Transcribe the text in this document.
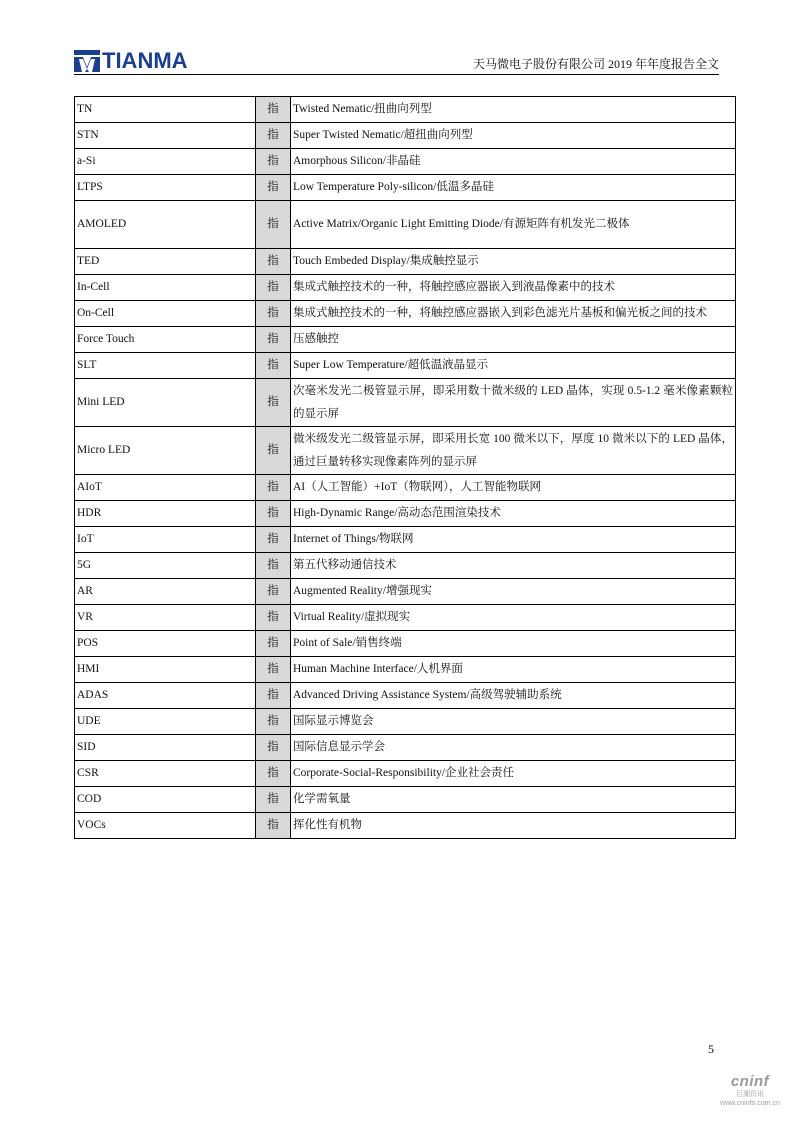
TIANMA	天马微电子股份有限公司 2019 年年度报告全文
TN	指	Twisted Nematic/扭曲向列型
STN	指	Super Twisted Nematic/超扭曲向列型
a-Si	指	Amorphous Silicon/非晶硅
LTPS	指	Low Temperature Poly-silicon/低温多晶硅
AMOLED	指	Active Matrix/Organic Light Emitting Diode/有源矩阵有机发光二极体
TED	指	Touch Embeded Display/集成触控显示
In-Cell	指	集成式触控技术的一种，将触控感应器嵌入到液晶像素中的技术
On-Cell	指	集成式触控技术的一种，将触控感应器嵌入到彩色滤光片基板和偏光板之间的技术
Force Touch	指	压感触控
SLT	指	Super Low Temperature/超低温液晶显示
Mini LED	指	次毫米发光二极管显示屏，即采用数十微米级的 LED 晶体，实现 0.5-1.2 毫米像素颗粒的显示屏
Micro LED	指	微米级发光二级管显示屏，即采用长宽 100 微米以下，厚度 10 微米以下的 LED 晶体，通过巨量转移实现像素阵列的显示屏
AIoT	指	AI（人工智能）+IoT（物联网），人工智能物联网
HDR	指	High-Dynamic Range/高动态范围渲染技术
IoT	指	Internet of Things/物联网
5G	指	第五代移动通信技术
AR	指	Augmented Reality/增强现实
VR	指	Virtual Reality/虚拟现实
POS	指	Point of Sale/销售终端
HMI	指	Human Machine Interface/人机界面
ADAS	指	Advanced Driving Assistance System/高级驾驶辅助系统
UDE	指	国际显示博览会
SID	指	国际信息显示学会
CSR	指	Corporate-Social-Responsibility/企业社会责任
COD	指	化学需氧量
VOCs	指	挥化性有机物
5
cninf
巨潮资讯
www.cninfo.com.cn
